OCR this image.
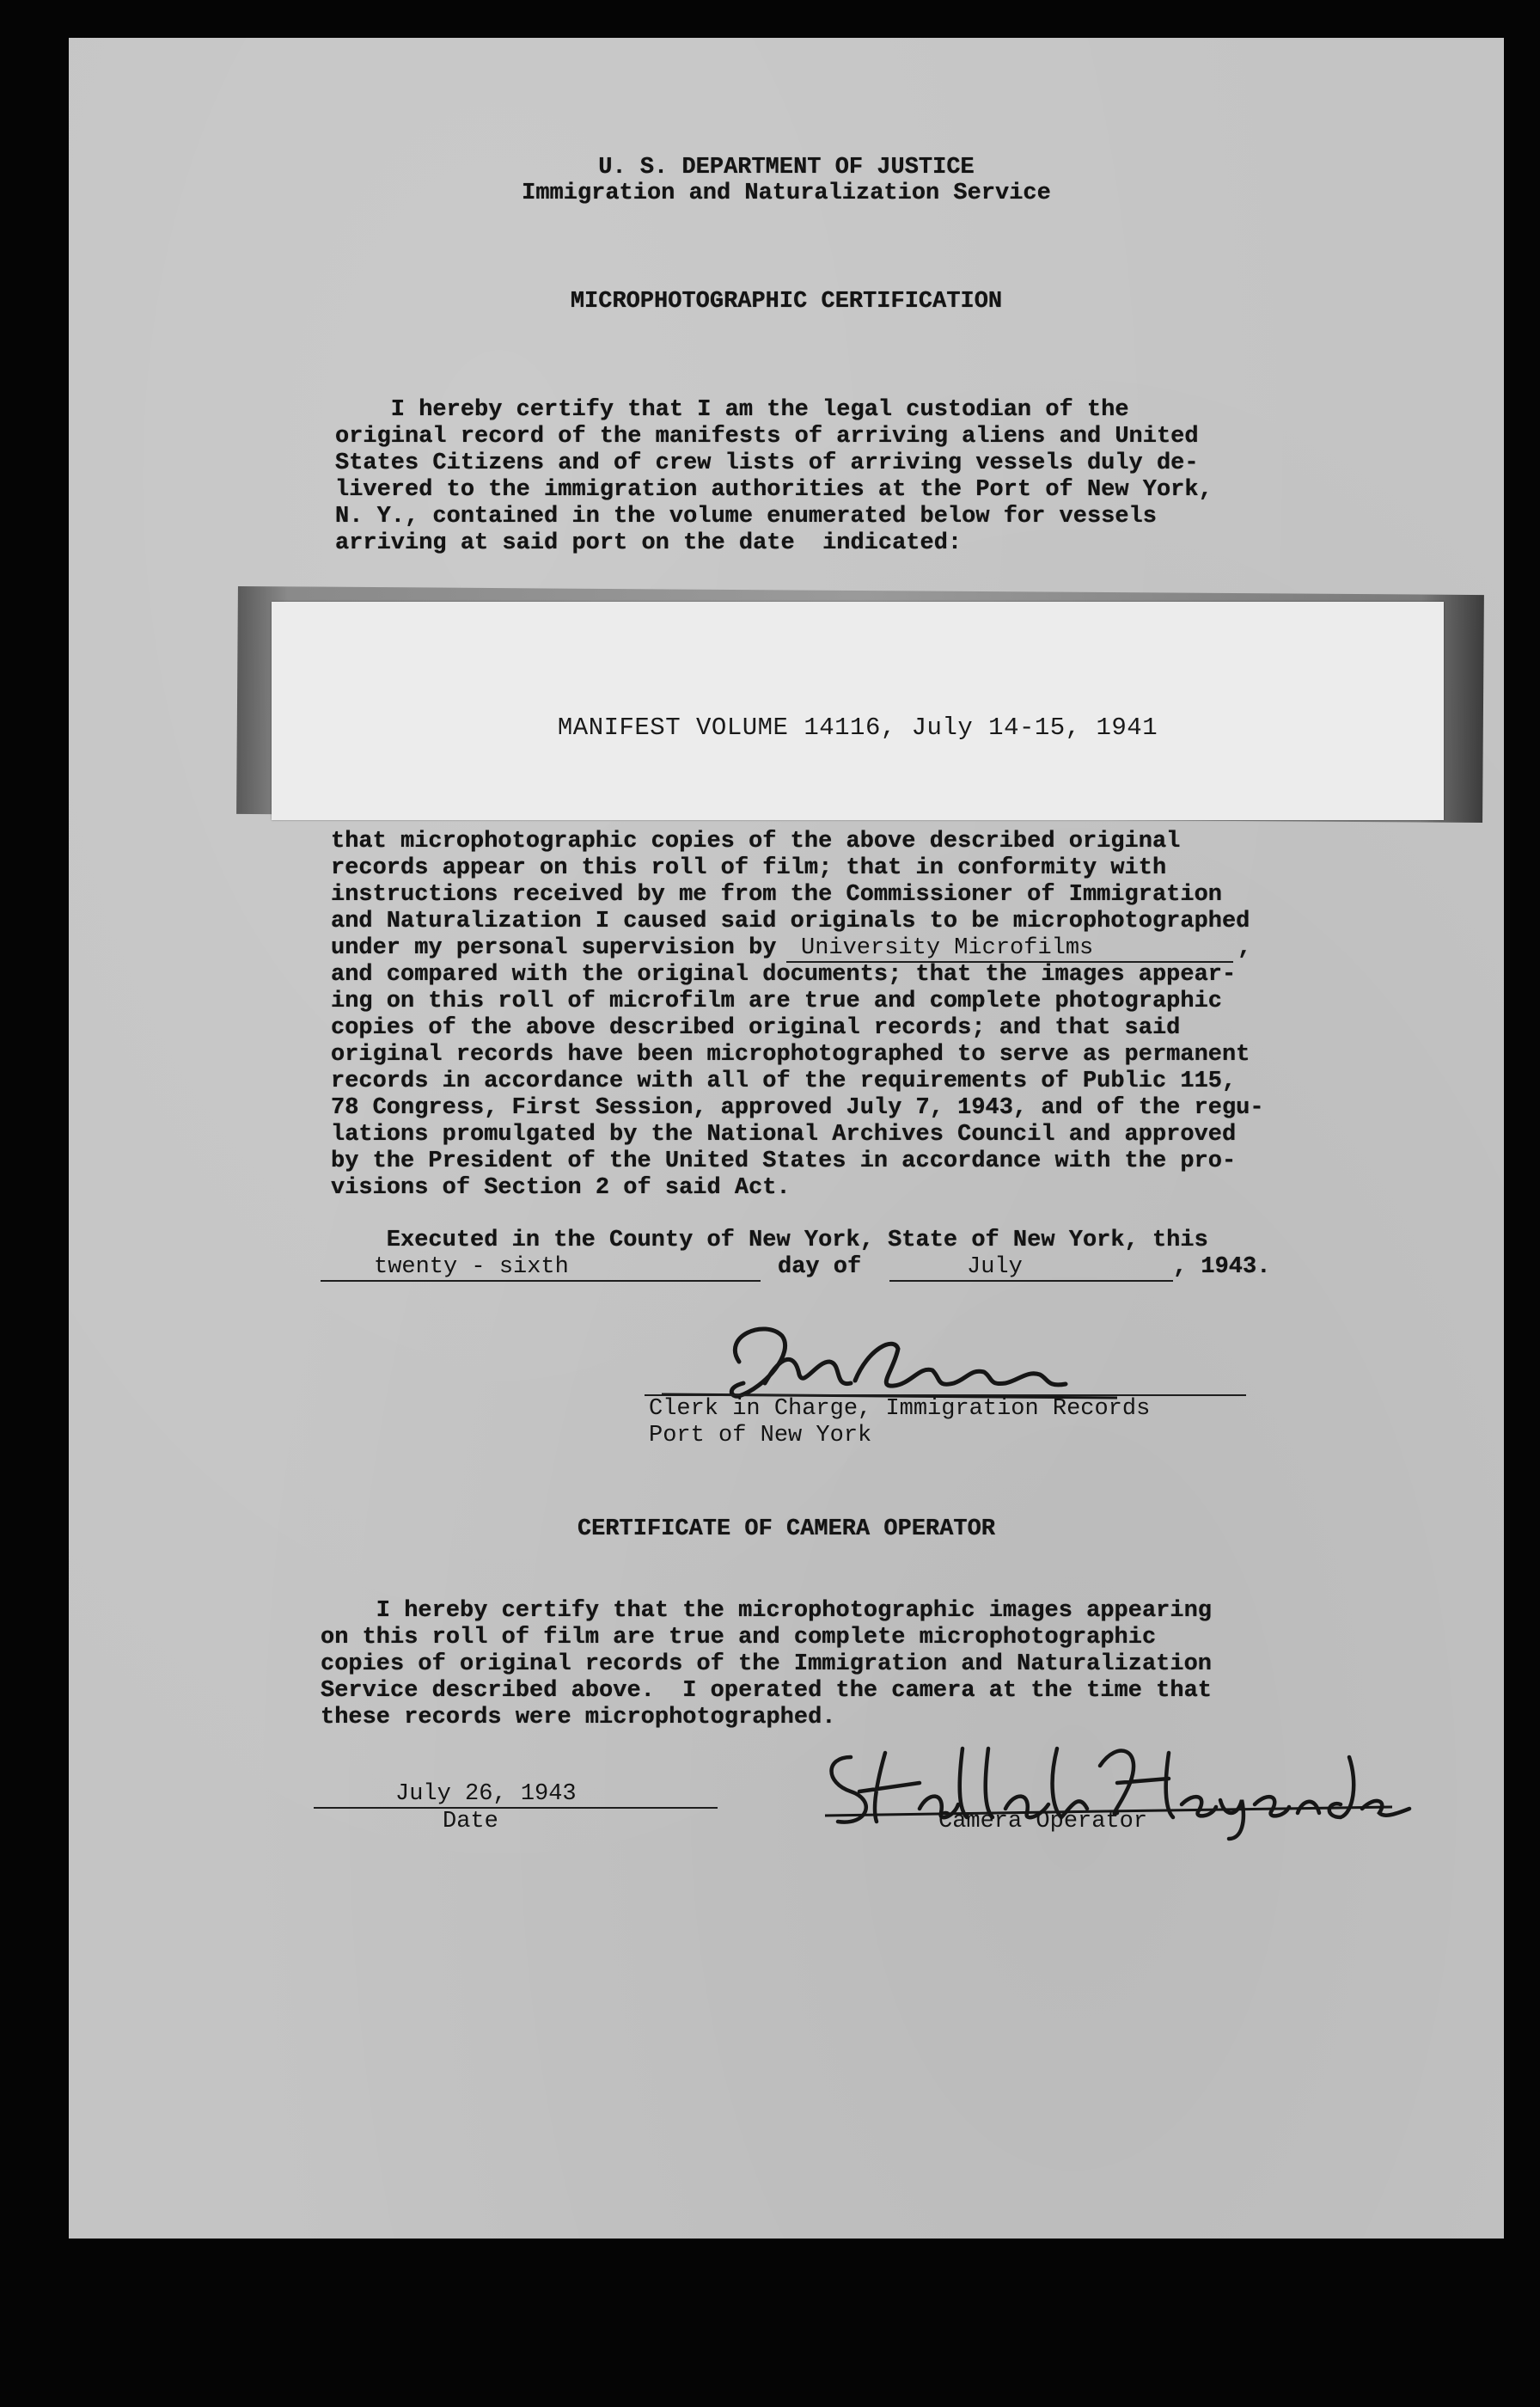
U. S. DEPARTMENT OF JUSTICE
Immigration and Naturalization Service
MICROPHOTOGRAPHIC CERTIFICATION
I hereby certify that I am the legal custodian of the
original record of the manifests of arriving aliens and United
States Citizens and of crew lists of arriving vessels duly de-
livered to the immigration authorities at the Port of New York,
N. Y., contained in the volume enumerated below for vessels
arriving at said port on the date  indicated:
MANIFEST VOLUME 14116, July 14-15, 1941
that microphotographic copies of the above described original
records appear on this roll of film; that in conformity with
instructions received by me from the Commissioner of Immigration
and Naturalization I caused said originals to be microphotographed
under my personal supervision by University Microfilms	,
and compared with the original documents; that the images appear-
ing on this roll of microfilm are true and complete photographic
copies of the above described original records; and that said
original records have been microphotographed to serve as permanent
records in accordance with all of the requirements of Public 115,
78 Congress, First Session, approved July 7, 1943, and of the regu-
lations promulgated by the National Archives Council and approved
by the President of the United States in accordance with the pro-
visions of Section 2 of said Act.
Executed in the County of New York, State of New York, this
twenty - sixth	day of	July	, 1943.
Clerk in Charge, Immigration Records
Port of New York
CERTIFICATE OF CAMERA OPERATOR
I hereby certify that the microphotographic images appearing
on this roll of film are true and complete microphotographic
copies of original records of the Immigration and Naturalization
Service described above.  I operated the camera at the time that
these records were microphotographed.
July 26, 1943
Date	Camera Operator
